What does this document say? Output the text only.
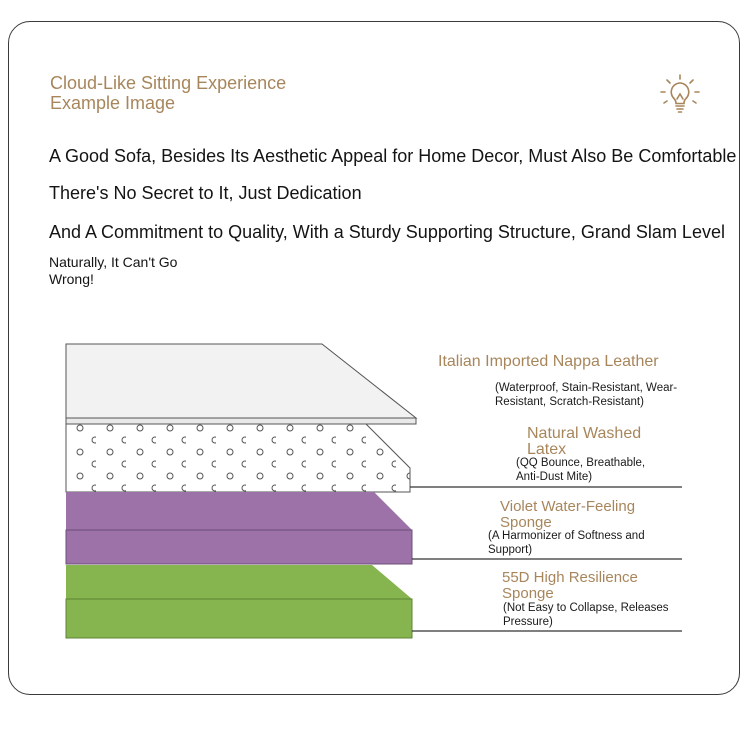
Cloud-Like Sitting Experience
Example Image

A Good Sofa, Besides Its Aesthetic Appeal for Home Decor, Must Also Be Comfortable

There's No Secret to It, Just Dedication

And A Commitment to Quality, With a Sturdy Supporting Structure, Grand Slam Level

Naturally, It Can't Go Wrong!

Italian Imported Nappa Leather

(Waterproof, Stain-Resistant, Wear-Resistant, Scratch-Resistant)

Natural Washed Latex

(QQ Bounce, Breathable, Anti-Dust Mite)

Violet Water-Feeling Sponge

(A Harmonizer of Softness and Support)

55D High Resilience Sponge

(Not Easy to Collapse, Releases Pressure)
